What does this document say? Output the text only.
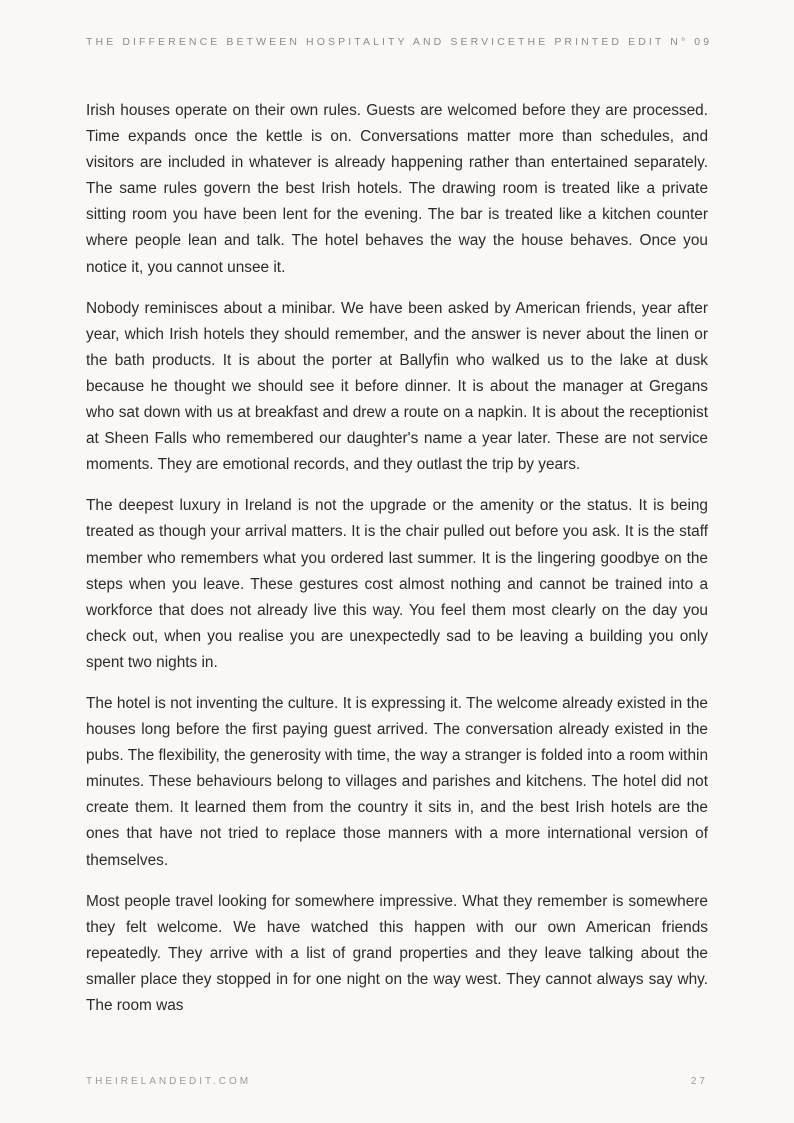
THE DIFFERENCE BETWEEN HOSPITALITY AND SERVICE THE PRINTED EDIT N° 09

Irish houses operate on their own rules. Guests are welcomed before they are processed. Time expands once the kettle is on. Conversations matter more than schedules, and visitors are included in whatever is already happening rather than entertained separately. The same rules govern the best Irish hotels. The drawing room is treated like a private sitting room you have been lent for the evening. The bar is treated like a kitchen counter where people lean and talk. The hotel behaves the way the house behaves. Once you notice it, you cannot unsee it.

Nobody reminisces about a minibar. We have been asked by American friends, year after year, which Irish hotels they should remember, and the answer is never about the linen or the bath products. It is about the porter at Ballyfin who walked us to the lake at dusk because he thought we should see it before dinner. It is about the manager at Gregans who sat down with us at breakfast and drew a route on a napkin. It is about the receptionist at Sheen Falls who remembered our daughter's name a year later. These are not service moments. They are emotional records, and they outlast the trip by years.

The deepest luxury in Ireland is not the upgrade or the amenity or the status. It is being treated as though your arrival matters. It is the chair pulled out before you ask. It is the staff member who remembers what you ordered last summer. It is the lingering goodbye on the steps when you leave. These gestures cost almost nothing and cannot be trained into a workforce that does not already live this way. You feel them most clearly on the day you check out, when you realise you are unexpectedly sad to be leaving a building you only spent two nights in.

The hotel is not inventing the culture. It is expressing it. The welcome already existed in the houses long before the first paying guest arrived. The conversation already existed in the pubs. The flexibility, the generosity with time, the way a stranger is folded into a room within minutes. These behaviours belong to villages and parishes and kitchens. The hotel did not create them. It learned them from the country it sits in, and the best Irish hotels are the ones that have not tried to replace those manners with a more international version of themselves.

Most people travel looking for somewhere impressive. What they remember is somewhere they felt welcome. We have watched this happen with our own American friends repeatedly. They arrive with a list of grand properties and they leave talking about the smaller place they stopped in for one night on the way west. They cannot always say why. The room was

THEIRELANDEDIT.COM	27
